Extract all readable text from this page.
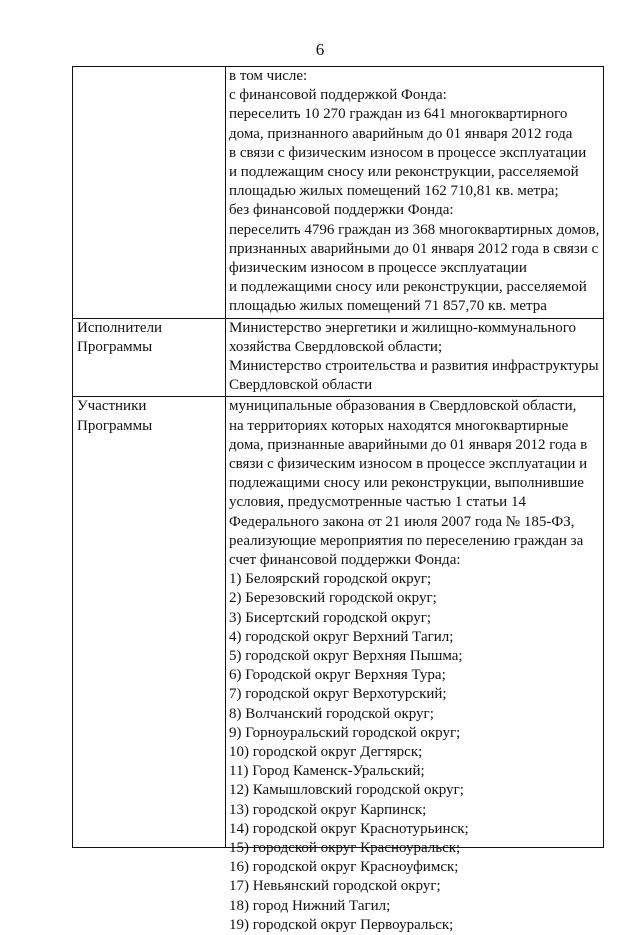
6
в том числе:
с финансовой поддержкой Фонда:
переселить 10 270 граждан из 641 многоквартирного
дома, признанного аварийным до 01 января 2012 года
в связи с физическим износом в процессе эксплуатации
и подлежащим сносу или реконструкции, расселяемой
площадью жилых помещений 162 710,81 кв. метра;
без финансовой поддержки Фонда:
переселить 4796 граждан из 368 многоквартирных домов,
признанных аварийными до 01 января 2012 года в связи с
физическим износом в процессе эксплуатации
и подлежащими сносу или реконструкции, расселяемой
площадью жилых помещений 71 857,70 кв. метра
Исполнители
Программы
Министерство энергетики и жилищно-коммунального
хозяйства Свердловской области;
Министерство строительства и развития инфраструктуры
Свердловской области
Участники
Программы
муниципальные образования в Свердловской области,
на территориях которых находятся многоквартирные
дома, признанные аварийными до 01 января 2012 года в
связи с физическим износом в процессе эксплуатации и
подлежащими сносу или реконструкции, выполнившие
условия, предусмотренные частью 1 статьи 14
Федерального закона от 21 июля 2007 года № 185-ФЗ,
реализующие мероприятия по переселению граждан за
счет финансовой поддержки Фонда:
1) Белоярский городской округ;
2) Березовский городской округ;
3) Бисертский городской округ;
4) городской округ Верхний Тагил;
5) городской округ Верхняя Пышма;
6) Городской округ Верхняя Тура;
7) городской округ Верхотурский;
8) Волчанский городской округ;
9) Горноуральский городской округ;
10) городской округ Дегтярск;
11) Город Каменск-Уральский;
12) Камышловский городской округ;
13) городской округ Карпинск;
14) городской округ Краснотурьинск;
15) городской округ Красноуральск;
16) городской округ Красноуфимск;
17) Невьянский городской округ;
18) город Нижний Тагил;
19) городской округ Первоуральск;
